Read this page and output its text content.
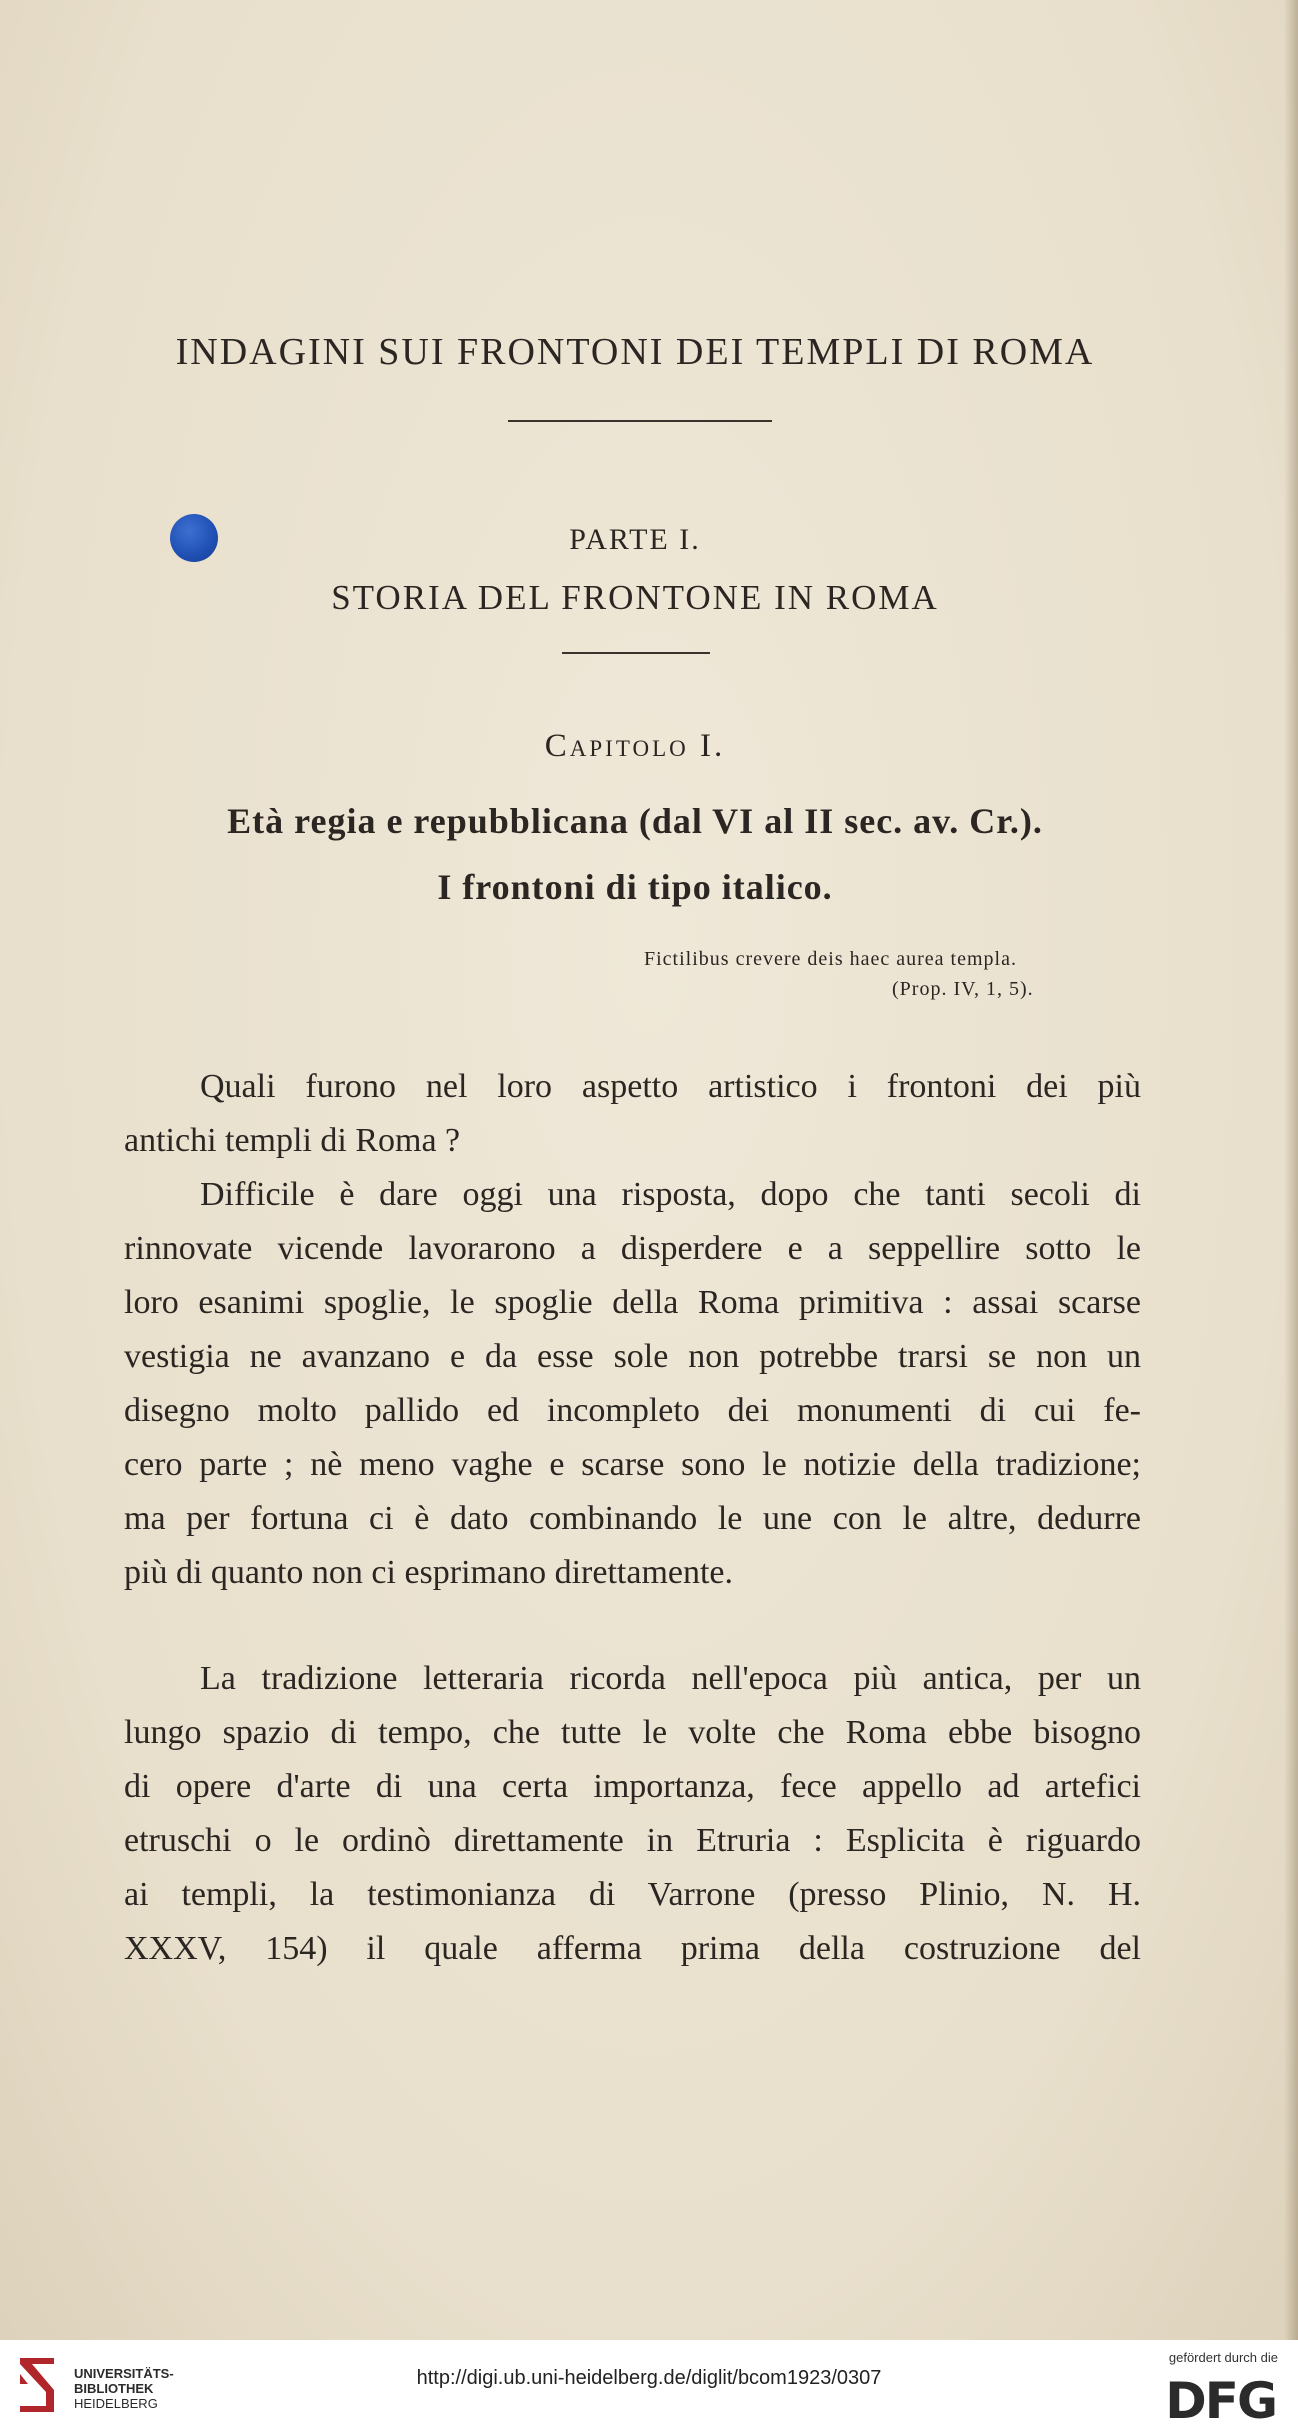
INDAGINI SUI FRONTONI DEI TEMPLI DI ROMA
PARTE I.
STORIA DEL FRONTONE IN ROMA
Capitolo I.
Età regia e repubblicana (dal VI al II sec. av. Cr.).
I frontoni di tipo italico.
Fictilibus crevere deis haec aurea templa.
(Prop. IV, 1, 5).
Quali furono nel loro aspetto artistico i frontoni dei più
antichi templi di Roma ?
Difficile è dare oggi una risposta, dopo che tanti secoli di
rinnovate vicende lavorarono a disperdere e a seppellire sotto le
loro esanimi spoglie, le spoglie della Roma primitiva : assai scarse
vestigia ne avanzano e da esse sole non potrebbe trarsi se non un
disegno molto pallido ed incompleto dei monumenti di cui fe-
cero parte ; nè meno vaghe e scarse sono le notizie della tradizione;
ma per fortuna ci è dato combinando le une con le altre, dedurre
più di quanto non ci esprimano direttamente.
La tradizione letteraria ricorda nell'epoca più antica, per un
lungo spazio di tempo, che tutte le volte che Roma ebbe bisogno
di opere d'arte di una certa importanza, fece appello ad artefici
etruschi o le ordinò direttamente in Etruria : Esplicita è riguardo
ai templi, la testimonianza di Varrone (presso Plinio, N. H.
XXXV, 154) il quale afferma prima della costruzione del
UNIVERSITÄTS-
BIBLIOTHEK
HEIDELBERG
http://digi.ub.uni-heidelberg.de/diglit/bcom1923/0307
gefördert durch die
DFG
